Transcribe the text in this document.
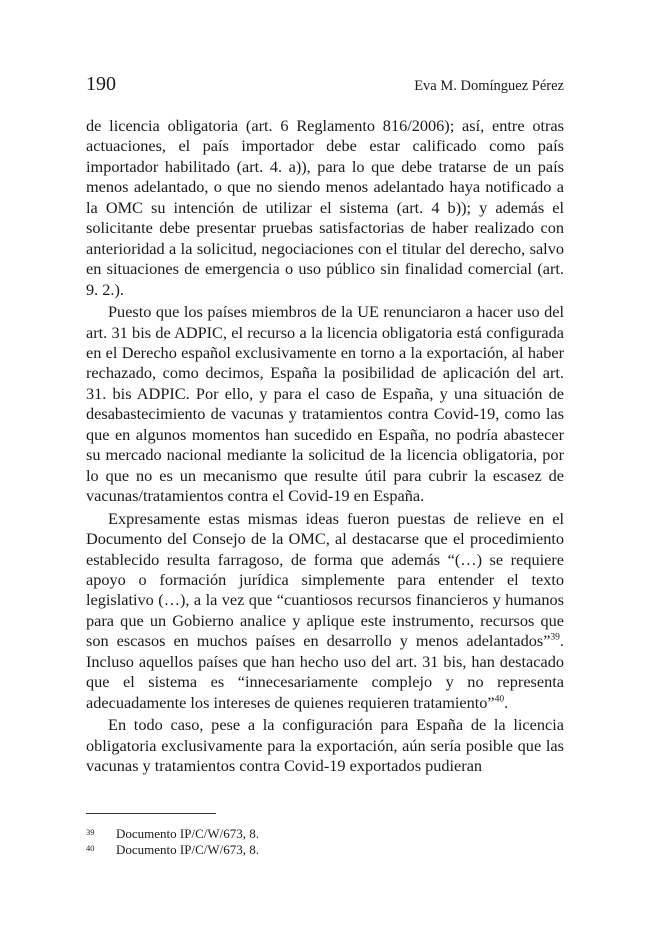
190	Eva M. Domínguez Pérez

de licencia obligatoria (art. 6 Reglamento 816/2006); así, entre otras actuaciones, el país importador debe estar calificado como país importador habilitado (art. 4. a)), para lo que debe tratarse de un país menos adelantado, o que no siendo menos adelantado haya notificado a la OMC su intención de utilizar el sistema (art. 4 b)); y además el solicitante debe presentar pruebas satisfactorias de haber realizado con anterioridad a la solicitud, negociaciones con el titular del derecho, salvo en situaciones de emergencia o uso público sin finalidad comercial (art. 9. 2.).

Puesto que los países miembros de la UE renunciaron a hacer uso del art. 31 bis de ADPIC, el recurso a la licencia obligatoria está configurada en el Derecho español exclusivamente en torno a la exportación, al haber rechazado, como decimos, España la posibilidad de aplicación del art. 31. bis ADPIC. Por ello, y para el caso de España, y una situación de desabastecimiento de vacunas y tratamientos contra Covid-19, como las que en algunos momentos han sucedido en España, no podría abastecer su mercado nacional mediante la solicitud de la licencia obligatoria, por lo que no es un mecanismo que resulte útil para cubrir la escasez de vacunas/tratamientos contra el Covid-19 en España.

Expresamente estas mismas ideas fueron puestas de relieve en el Documento del Consejo de la OMC, al destacarse que el procedimiento establecido resulta farragoso, de forma que además “(…) se requiere apoyo o formación jurídica simplemente para entender el texto legislativo (…), a la vez que “cuantiosos recursos financieros y humanos para que un Gobierno analice y aplique este instrumento, recursos que son escasos en muchos países en desarrollo y menos adelantados”$^{39}$. Incluso aquellos países que han hecho uso del art. 31 bis, han destacado que el sistema es “innecesariamente complejo y no representa adecuadamente los intereses de quienes requieren tratamiento”$^{40}$.

En todo caso, pese a la configuración para España de la licencia obligatoria exclusivamente para la exportación, aún sería posible que las vacunas y tratamientos contra Covid-19 exportados pudieran

39	Documento IP/C/W/673, 8.
40	Documento IP/C/W/673, 8.
